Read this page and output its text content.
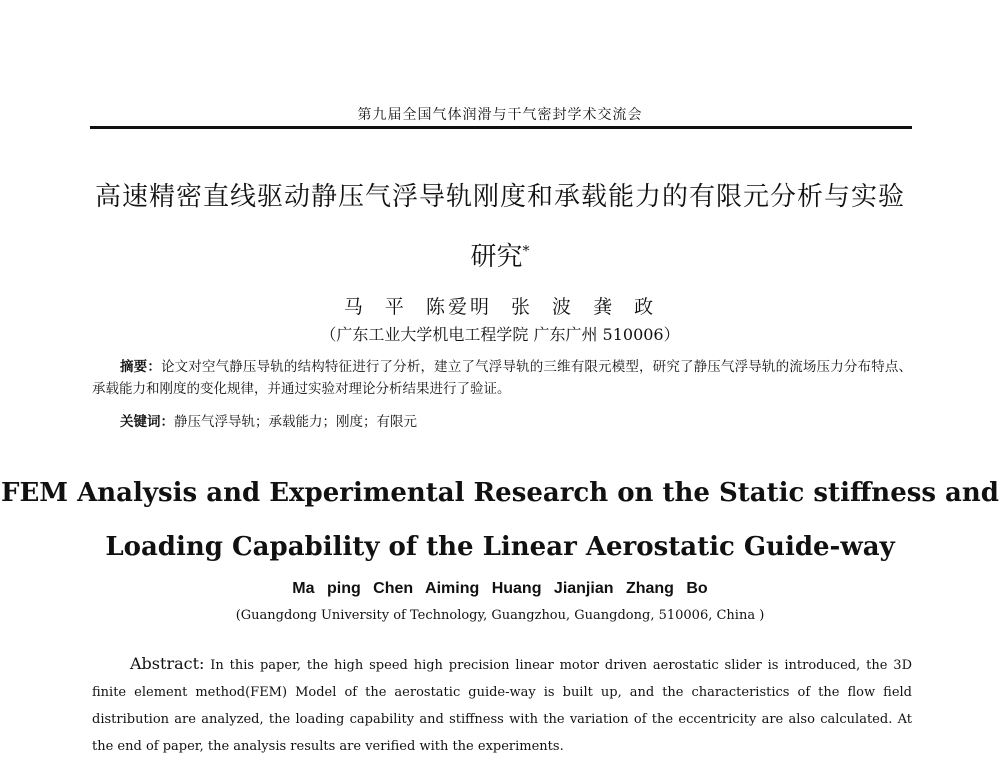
第九届全国气体润滑与干气密封学术交流会
高速精密直线驱动静压气浮导轨刚度和承载能力的有限元分析与实验
研究*
马 平 陈爱明 张 波 龚 政
（广东工业大学机电工程学院 广东广州 510006）
摘要：论文对空气静压导轨的结构特征进行了分析，建立了气浮导轨的三维有限元模型，研究了静压气浮导轨的流场压力分布特点、承载能力和刚度的变化规律，并通过实验对理论分析结果进行了验证。
关键词：静压气浮导轨；承载能力；刚度；有限元
FEM Analysis and Experimental Research on the Static stiffness and
Loading Capability of the Linear Aerostatic Guide-way
Ma ping Chen Aiming Huang Jianjian Zhang Bo
(Guangdong University of Technology, Guangzhou, Guangdong, 510006, China )
Abstract: In this paper, the high speed high precision linear motor driven aerostatic slider is introduced, the 3D finite element method(FEM) Model of the aerostatic guide-way is built up, and the characteristics of the flow field distribution are analyzed, the loading capability and stiffness with the variation of the eccentricity are also calculated. At the end of paper, the analysis results are verified with the experiments.
